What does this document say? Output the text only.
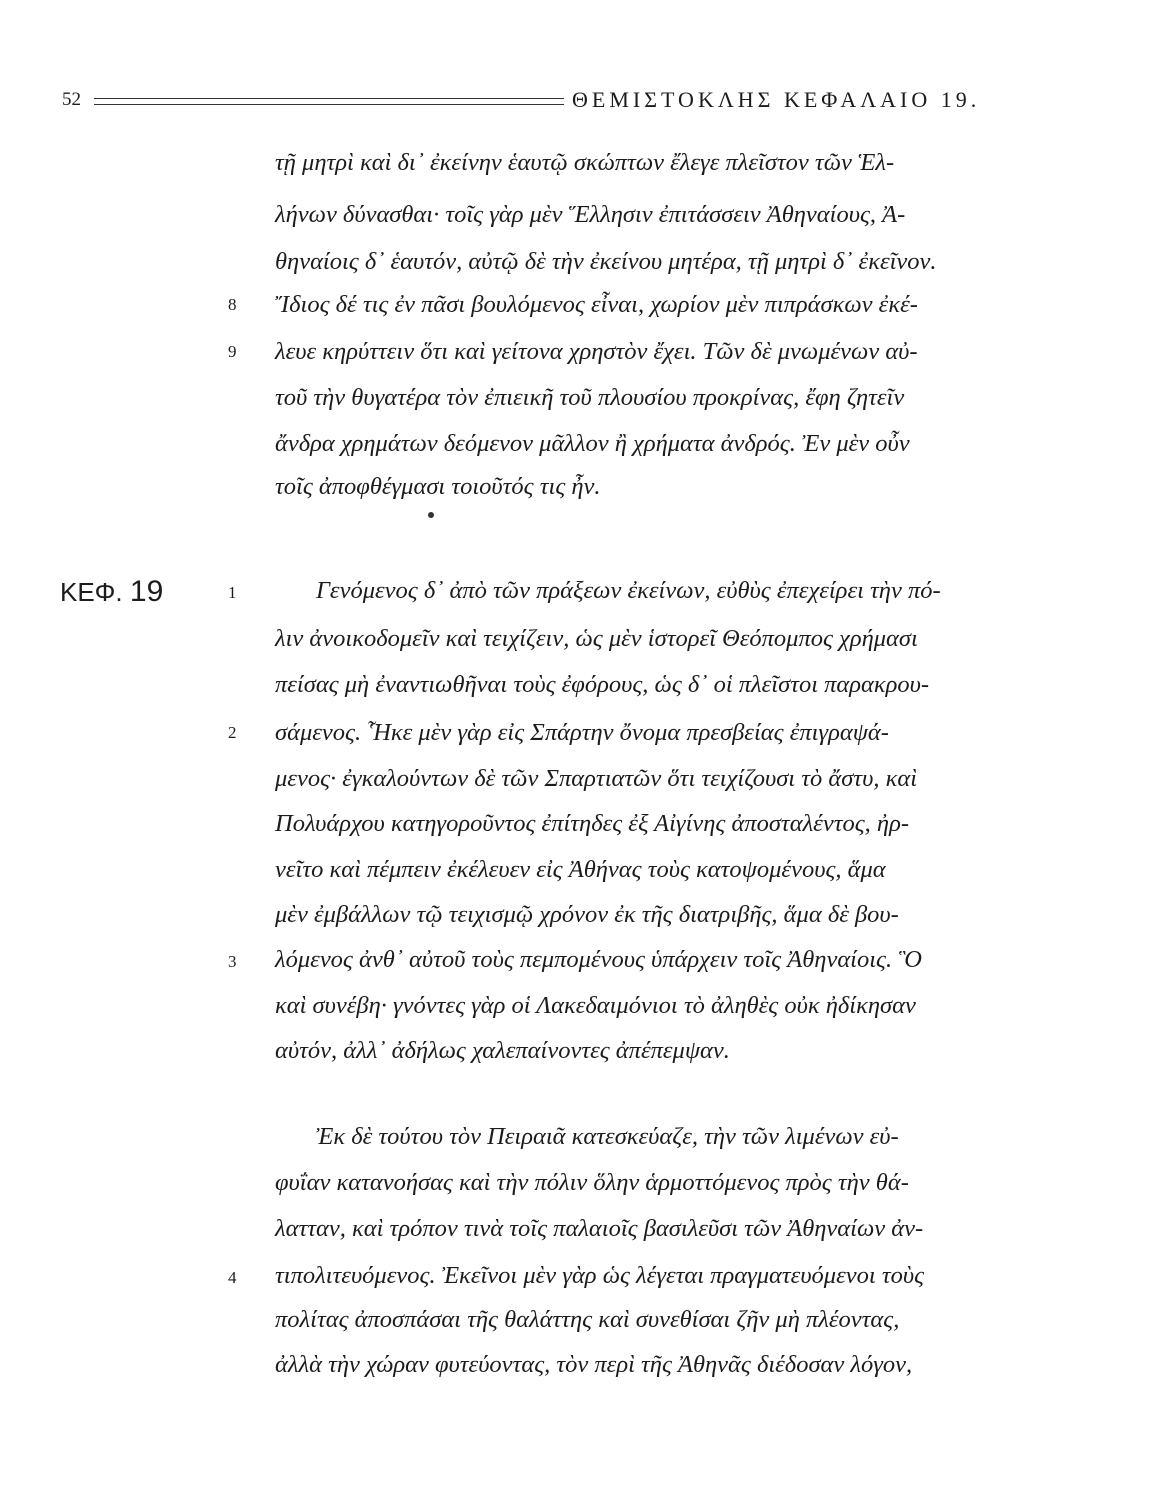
52	ΘΕΜΙΣΤΟΚΛΗΣ ΚΕΦΑΛΑΙΟ 19.
τῇ μητρὶ καὶ δι᾽ ἐκείνην ἑαυτῷ σκώπτων ἔλεγε πλεῖστον τῶν Ἑλ-
λήνων δύνασθαι· τοῖς γὰρ μὲν Ἕλλησιν ἐπιτάσσειν Ἀθηναίους, Ἀ-
θηναίοις δ᾽ ἑαυτόν, αὐτῷ δὲ τὴν ἐκείνου μητέρα, τῇ μητρὶ δ᾽ ἐκεῖνον.
8 Ἴδιος δέ τις ἐν πᾶσι βουλόμενος εἶναι, χωρίον μὲν πιπράσκων ἐκέ-
9 λευε κηρύττειν ὅτι καὶ γείτονα χρηστὸν ἔχει. Τῶν δὲ μνωμένων αὐ-
τοῦ τὴν θυγατέρα τὸν ἐπιεικῆ τοῦ πλουσίου προκρίνας, ἔφη ζητεῖν
ἄνδρα χρημάτων δεόμενον μᾶλλον ἢ χρήματα ἀνδρός. Ἐν μὲν οὖν
τοῖς ἀποφθέγμασι τοιοῦτός τις ἦν.
ΚΕΦ. 19	1	Γενόμενος δ᾽ ἀπὸ τῶν πράξεων ἐκείνων, εὐθὺς ἐπεχείρει τὴν πό-
λιν ἀνοικοδομεῖν καὶ τειχίζειν, ὡς μὲν ἱστορεῖ Θεόπομπος χρήμασι
πείσας μὴ ἐναντιωθῆναι τοὺς ἐφόρους, ὡς δ᾽ οἱ πλεῖστοι παρακρου-
2 σάμενος. Ἧκε μὲν γὰρ εἰς Σπάρτην ὄνομα πρεσβείας ἐπιγραψά-
μενος· ἐγκαλούντων δὲ τῶν Σπαρτιατῶν ὅτι τειχίζουσι τὸ ἄστυ, καὶ
Πολυάρχου κατηγοροῦντος ἐπίτηδες ἐξ Αἰγίνης ἀποσταλέντος, ἠρ-
νεῖτο καὶ πέμπειν ἐκέλευεν εἰς Ἀθήνας τοὺς κατοψομένους, ἅμα
μὲν ἐμβάλλων τῷ τειχισμῷ χρόνον ἐκ τῆς διατριβῆς, ἅμα δὲ βου-
3 λόμενος ἀνθ᾽ αὐτοῦ τοὺς πεμπομένους ὑπάρχειν τοῖς Ἀθηναίοις. Ὃ
καὶ συνέβη· γνόντες γὰρ οἱ Λακεδαιμόνιοι τὸ ἀληθὲς οὐκ ἠδίκησαν
αὐτόν, ἀλλ᾽ ἀδήλως χαλεπαίνοντες ἀπέπεμψαν.
Ἐκ δὲ τούτου τὸν Πειραιᾶ κατεσκεύαζε, τὴν τῶν λιμένων εὐ-
φυΐαν κατανοήσας καὶ τὴν πόλιν ὅλην ἁρμοττόμενος πρὸς τὴν θά-
λατταν, καὶ τρόπον τινὰ τοῖς παλαιοῖς βασιλεῦσι τῶν Ἀθηναίων ἀν-
4 τιπολιτευόμενος. Ἐκεῖνοι μὲν γὰρ ὡς λέγεται πραγματευόμενοι τοὺς
πολίτας ἀποσπάσαι τῆς θαλάττης καὶ συνεθίσαι ζῆν μὴ πλέοντας,
ἀλλὰ τὴν χώραν φυτεύοντας, τὸν περὶ τῆς Ἀθηνᾶς διέδοσαν λόγον,
